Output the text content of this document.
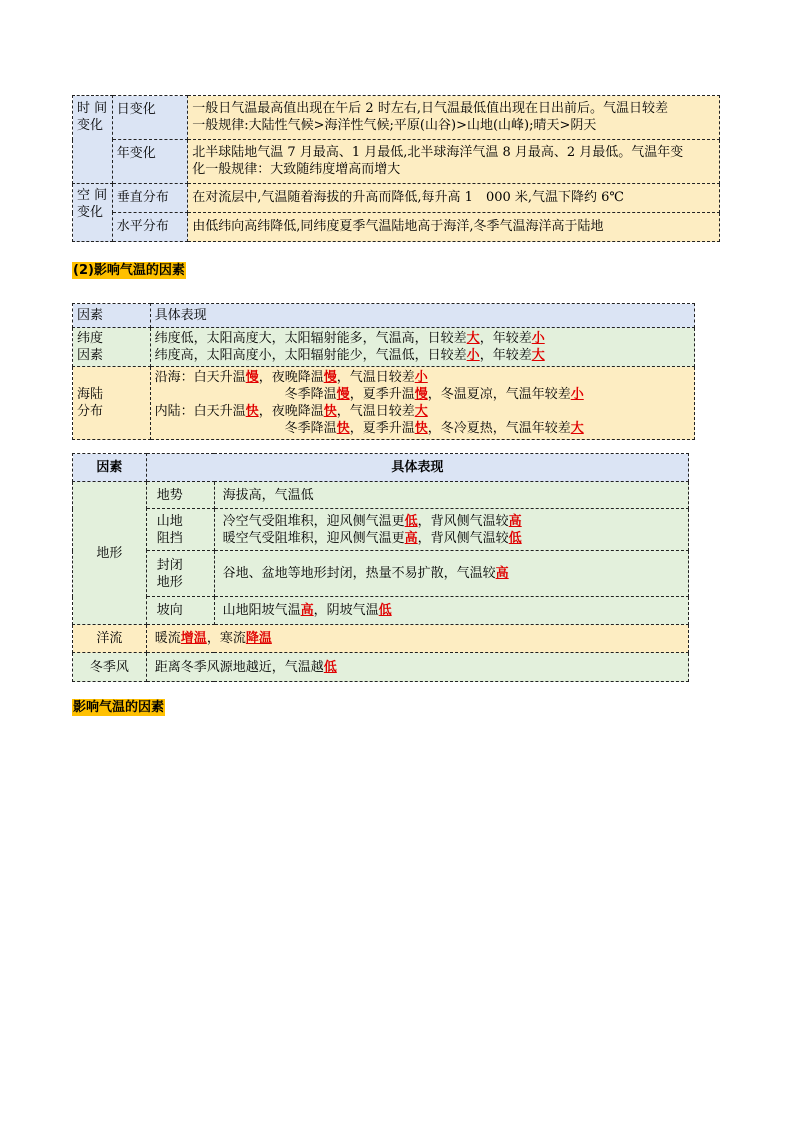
时 间
变化	日变化	一般日气温最高值出现在午后 2 时左右,日气温最低值出现在日出前后。气温日较差
一般规律:大陆性气候>海洋性气候;平原(山谷)>山地(山峰);晴天>阴天

	年变化	北半球陆地气温 7 月最高、1 月最低,北半球海洋气温 8 月最高、2 月最低。气温年变
化一般规律：大致随纬度增高而增大

空 间
变化	垂直分布	在对流层中,气温随着海拔的升高而降低,每升高 1　000 米,气温下降约 6℃

	水平分布	由低纬向高纬降低,同纬度夏季气温陆地高于海洋,冬季气温海洋高于陆地
(2)影响气温的因素
因素	具体表现
纬度
因素	纬度低，太阳高度大，太阳辐射能多，气温高，日较差大，年较差小
纬度高，太阳高度小，太阳辐射能少，气温低，日较差小，年较差大

海陆
分布	沿海：白天升温慢，夜晚降温慢，气温日较差小
冬季降温慢，夏季升温慢，冬温夏凉，气温年较差小
内陆：白天升温快，夜晚降温快，气温日较差大
冬季降温快，夏季升温快，冬冷夏热，气温年较差大
因素	具体表现	
地形	地势	海拔高，气温低

	山地
阻挡	冷空气受阻堆积，迎风侧气温更低，背风侧气温较高
暖空气受阻堆积，迎风侧气温更高，背风侧气温较低

	封闭
地形	谷地、盆地等地形封闭，热量不易扩散，气温较高

	坡向	山地阳坡气温高，阴坡气温低

洋流	暖流增温，寒流降温	

冬季风	距离冬季风源地越近，气温越低	
影响气温的因素
